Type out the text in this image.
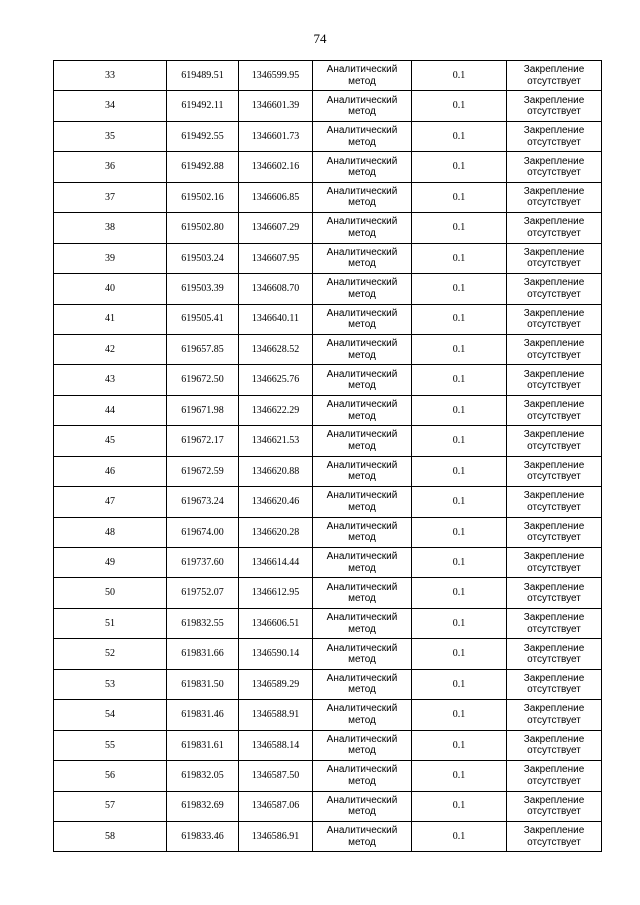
74
33	619489.51	1346599.95	Аналитический
метод	0.1	Закрепление
отсутствует

34	619492.11	1346601.39	Аналитический
метод	0.1	Закрепление
отсутствует

35	619492.55	1346601.73	Аналитический
метод	0.1	Закрепление
отсутствует

36	619492.88	1346602.16	Аналитический
метод	0.1	Закрепление
отсутствует

37	619502.16	1346606.85	Аналитический
метод	0.1	Закрепление
отсутствует

38	619502.80	1346607.29	Аналитический
метод	0.1	Закрепление
отсутствует

39	619503.24	1346607.95	Аналитический
метод	0.1	Закрепление
отсутствует

40	619503.39	1346608.70	Аналитический
метод	0.1	Закрепление
отсутствует

41	619505.41	1346640.11	Аналитический
метод	0.1	Закрепление
отсутствует

42	619657.85	1346628.52	Аналитический
метод	0.1	Закрепление
отсутствует

43	619672.50	1346625.76	Аналитический
метод	0.1	Закрепление
отсутствует

44	619671.98	1346622.29	Аналитический
метод	0.1	Закрепление
отсутствует

45	619672.17	1346621.53	Аналитический
метод	0.1	Закрепление
отсутствует

46	619672.59	1346620.88	Аналитический
метод	0.1	Закрепление
отсутствует

47	619673.24	1346620.46	Аналитический
метод	0.1	Закрепление
отсутствует

48	619674.00	1346620.28	Аналитический
метод	0.1	Закрепление
отсутствует

49	619737.60	1346614.44	Аналитический
метод	0.1	Закрепление
отсутствует

50	619752.07	1346612.95	Аналитический
метод	0.1	Закрепление
отсутствует

51	619832.55	1346606.51	Аналитический
метод	0.1	Закрепление
отсутствует

52	619831.66	1346590.14	Аналитический
метод	0.1	Закрепление
отсутствует

53	619831.50	1346589.29	Аналитический
метод	0.1	Закрепление
отсутствует

54	619831.46	1346588.91	Аналитический
метод	0.1	Закрепление
отсутствует

55	619831.61	1346588.14	Аналитический
метод	0.1	Закрепление
отсутствует

56	619832.05	1346587.50	Аналитический
метод	0.1	Закрепление
отсутствует

57	619832.69	1346587.06	Аналитический
метод	0.1	Закрепление
отсутствует

58	619833.46	1346586.91	Аналитический
метод	0.1	Закрепление
отсутствует
